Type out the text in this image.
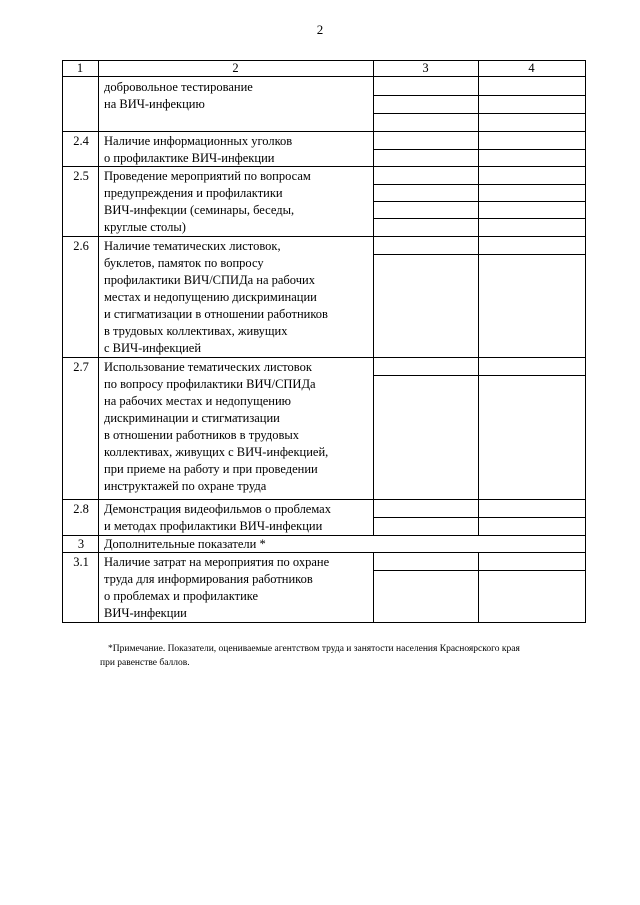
2
1	2	3	4
добровольное тестирование
на ВИЧ-инфекцию
2.4	Наличие информационных уголков
о профилактике ВИЧ-инфекции
2.5	Проведение мероприятий по вопросам
предупреждения и профилактики
ВИЧ-инфекции (семинары, беседы,
круглые столы)
2.6	Наличие тематических листовок,
буклетов, памяток по вопросу
профилактики ВИЧ/СПИДа на рабочих
местах и недопущению дискриминации
и стигматизации в отношении работников
в трудовых коллективах, живущих
с ВИЧ-инфекцией
2.7	Использование тематических листовок
по вопросу профилактики ВИЧ/СПИДа
на рабочих местах и недопущению
дискриминации и стигматизации
в отношении работников в трудовых
коллективах, живущих с ВИЧ-инфекцией,
при приеме на работу и при проведении
инструктажей по охране труда
2.8	Демонстрация видеофильмов о проблемах
и методах профилактики ВИЧ-инфекции
3	Дополнительные показатели *
3.1	Наличие затрат на мероприятия по охране
труда для информирования работников
о проблемах и профилактике
ВИЧ-инфекции

*Примечание. Показатели, оцениваемые агентством труда и занятости населения Красноярского края

при равенстве баллов.
